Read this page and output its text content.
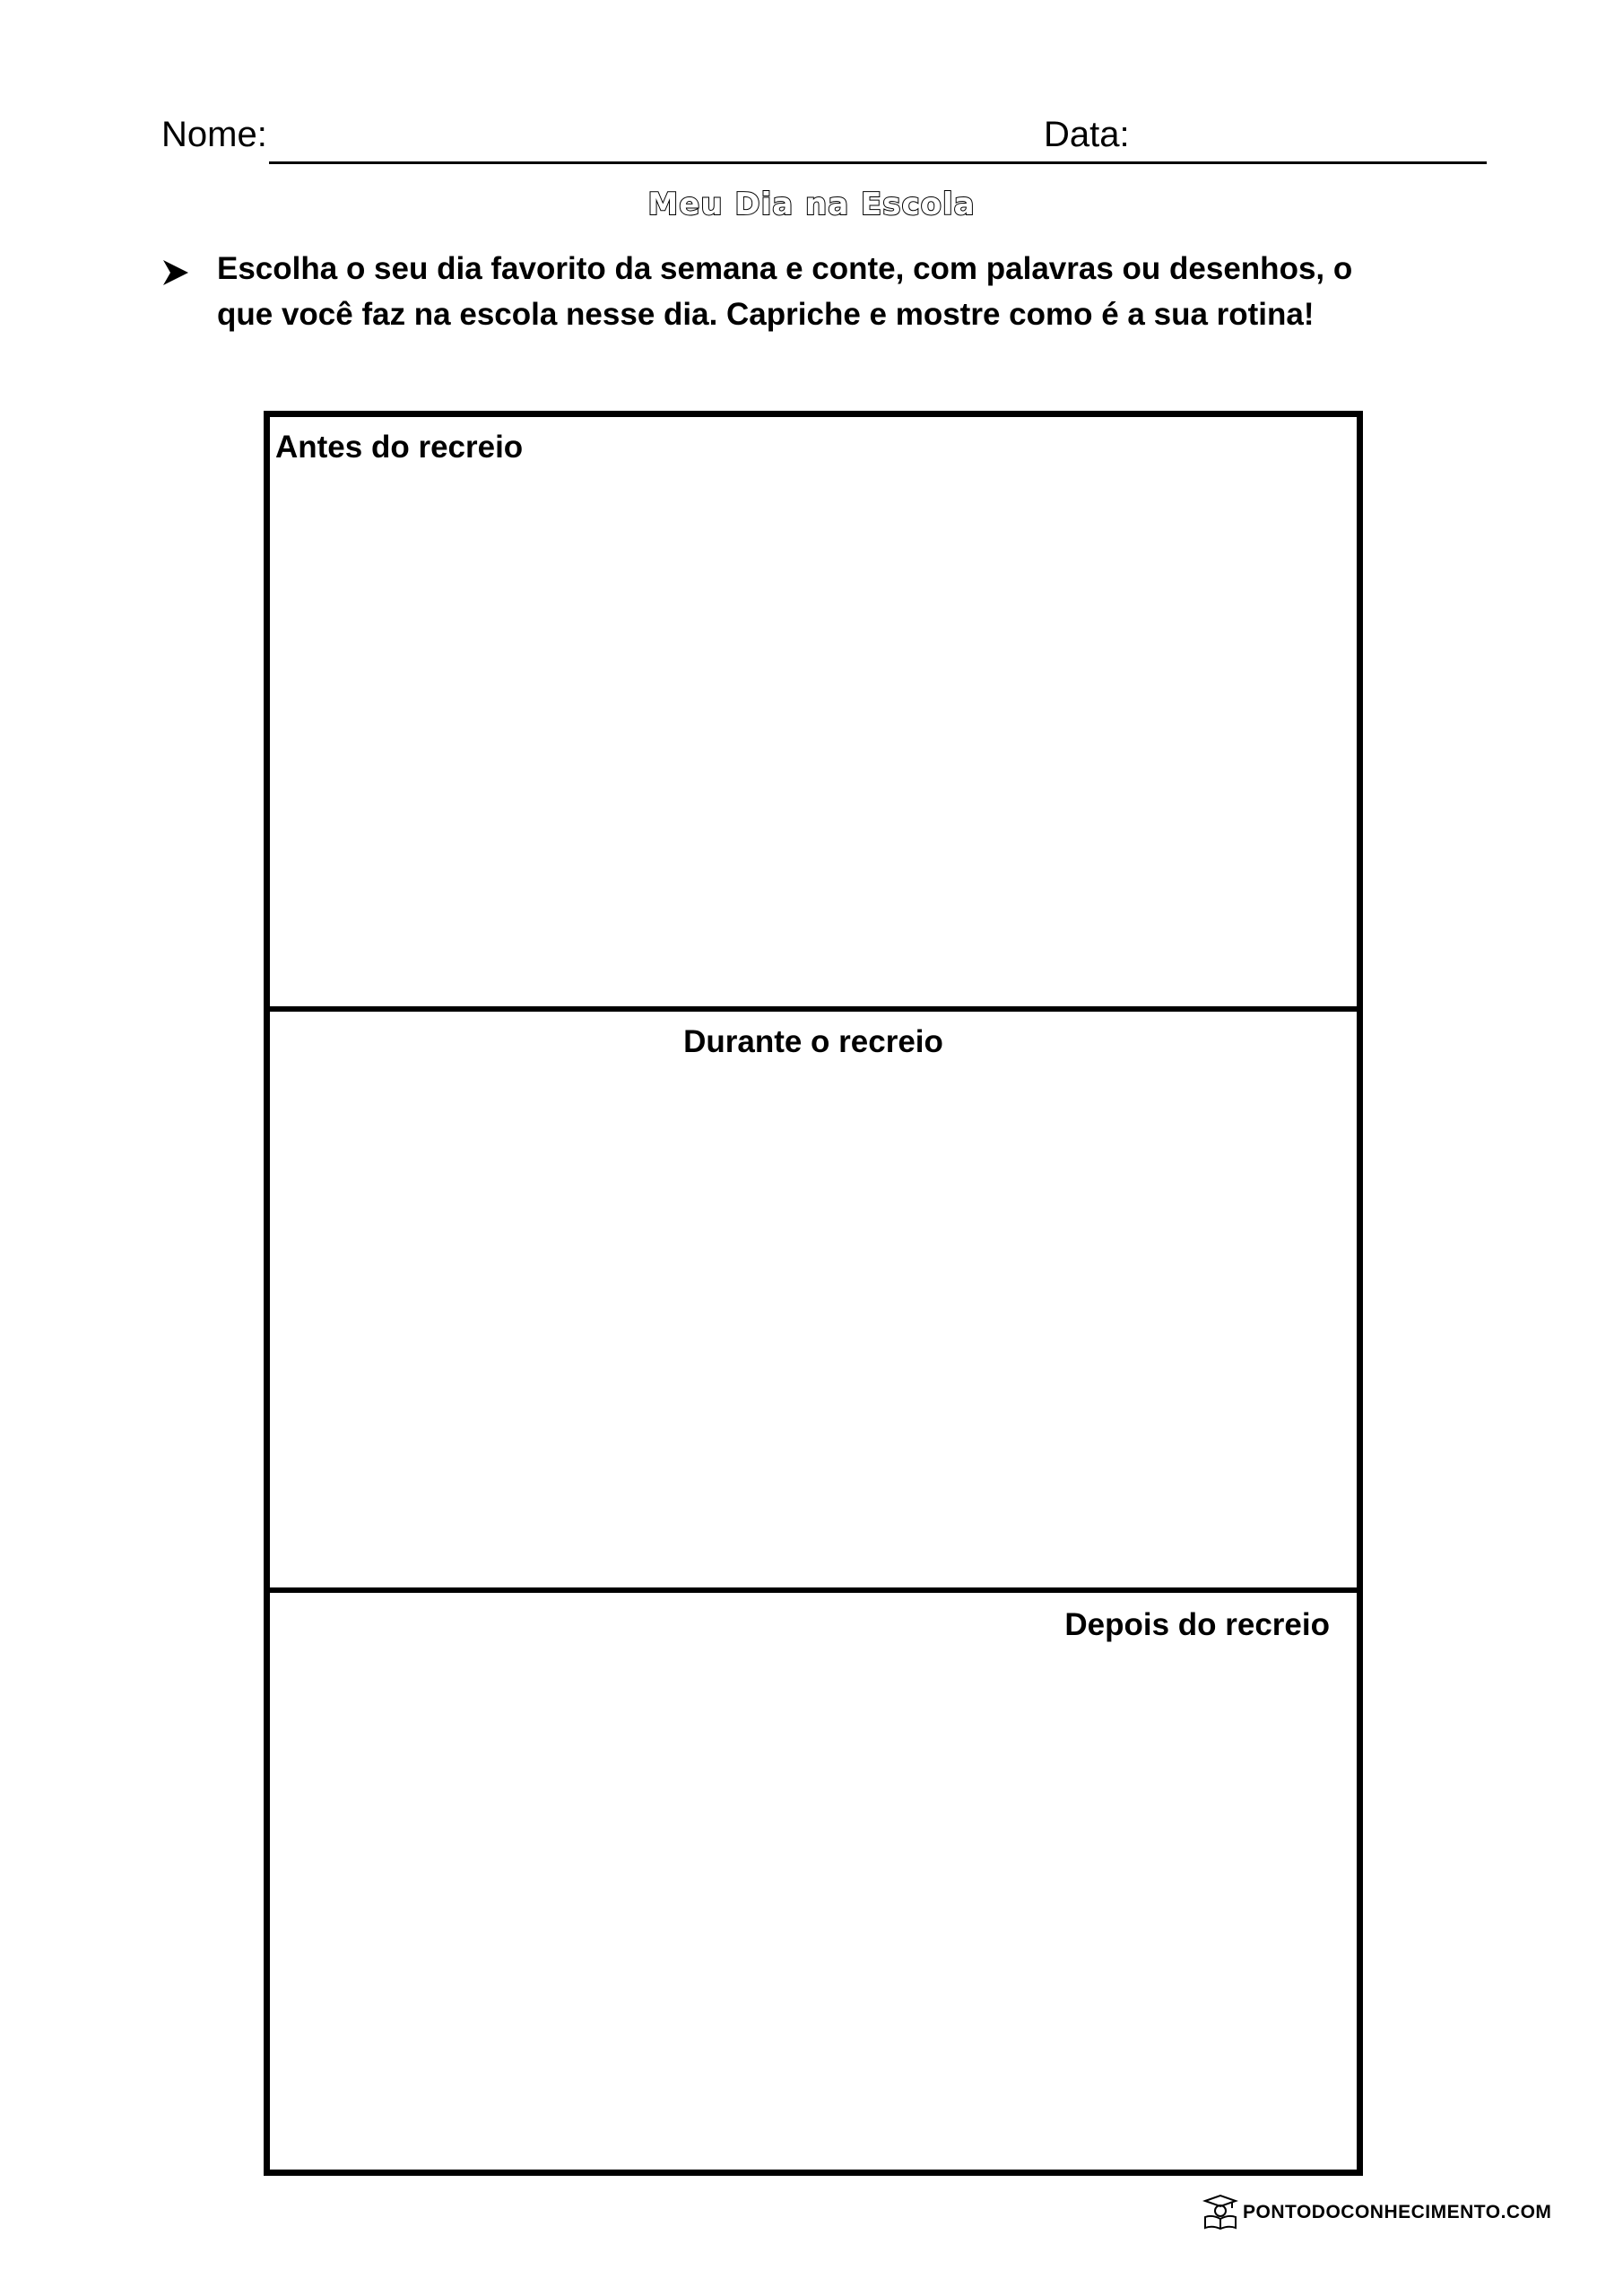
Nome:	Data:
Meu Dia na Escola
Escolha o seu dia favorito da semana e conte, com palavras ou desenhos, o que você faz na escola nesse dia. Capriche e mostre como é a sua rotina!
Antes do recreio
Durante o recreio
Depois do recreio
PONTODOCONHECIMENTO.COM
